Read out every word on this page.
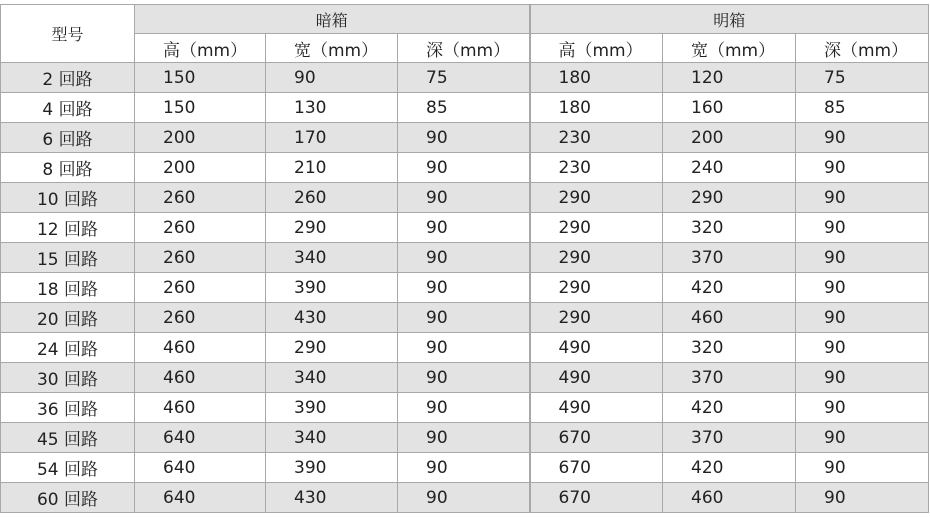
型号	暗箱			明箱		
	高（mm）	宽（mm）	深（mm）	高（mm）	宽（mm）	深（mm）
2 回路	150	90	75	180	120	75
4 回路	150	130	85	180	160	85
6 回路	200	170	90	230	200	90
8 回路	200	210	90	230	240	90
10 回路	260	260	90	290	290	90
12 回路	260	290	90	290	320	90
15 回路	260	340	90	290	370	90
18 回路	260	390	90	290	420	90
20 回路	260	430	90	290	460	90
24 回路	460	290	90	490	320	90
30 回路	460	340	90	490	370	90
36 回路	460	390	90	490	420	90
45 回路	640	340	90	670	370	90
54 回路	640	390	90	670	420	90
60 回路	640	430	90	670	460	90
